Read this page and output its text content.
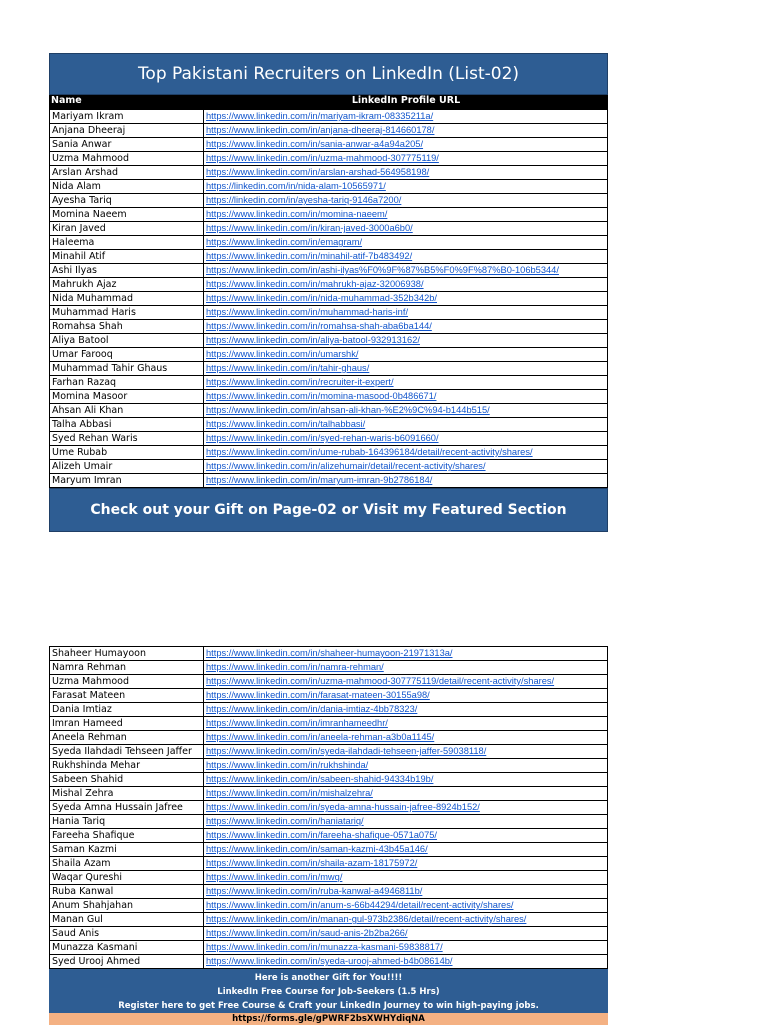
Top Pakistani Recruiters on LinkedIn (List-02)
Name	LinkedIn Profile URL
Mariyam Ikram	https://www.linkedin.com/in/mariyam-ikram-08335211a/
Anjana Dheeraj	https://www.linkedin.com/in/anjana-dheeraj-814660178/
Sania Anwar	https://www.linkedin.com/in/sania-anwar-a4a94a205/
Uzma Mahmood	https://www.linkedin.com/in/uzma-mahmood-307775119/
Arslan Arshad	https://www.linkedin.com/in/arslan-arshad-564958198/
Nida Alam	https://linkedin.com/in/nida-alam-10565971/
Ayesha Tariq	https://linkedin.com/in/ayesha-tariq-9146a7200/
Momina Naeem	https://www.linkedin.com/in/momina-naeem/
Kiran Javed	https://www.linkedin.com/in/kiran-javed-3000a6b0/
Haleema	https://www.linkedin.com/in/emagram/
Minahil Atif	https://www.linkedin.com/in/minahil-atif-7b483492/
Ashi Ilyas	https://www.linkedin.com/in/ashi-ilyas%F0%9F%87%B5%F0%9F%87%B0-106b5344/
Mahrukh Ajaz	https://www.linkedin.com/in/mahrukh-ajaz-32006938/
Nida Muhammad	https://www.linkedin.com/in/nida-muhammad-352b342b/
Muhammad Haris	https://www.linkedin.com/in/muhammad-haris-inf/
Romahsa Shah	https://www.linkedin.com/in/romahsa-shah-aba6ba144/
Aliya Batool	https://www.linkedin.com/in/aliya-batool-932913162/
Umar Farooq	https://www.linkedin.com/in/umarshk/
Muhammad Tahir Ghaus	https://www.linkedin.com/in/tahir-ghaus/
Farhan Razaq	https://www.linkedin.com/in/recruiter-it-expert/
Momina Masoor	https://www.linkedin.com/in/momina-masood-0b486671/
Ahsan Ali Khan	https://www.linkedin.com/in/ahsan-ali-khan-%E2%9C%94-b144b515/
Talha Abbasi	https://www.linkedin.com/in/talhabbasi/
Syed Rehan Waris	https://www.linkedin.com/in/syed-rehan-waris-b6091660/
Ume Rubab	https://www.linkedin.com/in/ume-rubab-164396184/detail/recent-activity/shares/
Alizeh Umair	https://www.linkedin.com/in/alizehumair/detail/recent-activity/shares/
Maryum Imran	https://www.linkedin.com/in/maryum-imran-9b2786184/
Check out your Gift on Page-02 or Visit my Featured Section
Shaheer Humayoon	https://www.linkedin.com/in/shaheer-humayoon-21971313a/
Namra Rehman	https://www.linkedin.com/in/namra-rehman/
Uzma Mahmood	https://www.linkedin.com/in/uzma-mahmood-307775119/detail/recent-activity/shares/
Farasat Mateen	https://www.linkedin.com/in/farasat-mateen-30155a98/
Dania Imtiaz	https://www.linkedin.com/in/dania-imtiaz-4bb78323/
Imran Hameed	https://www.linkedin.com/in/imranhameedhr/
Aneela Rehman	https://www.linkedin.com/in/aneela-rehman-a3b0a1145/
Syeda Ilahdadi Tehseen Jaffer	https://www.linkedin.com/in/syeda-ilahdadi-tehseen-jaffer-59038118/
Rukhshinda Mehar	https://www.linkedin.com/in/rukhshinda/
Sabeen Shahid	https://www.linkedin.com/in/sabeen-shahid-94334b19b/
Mishal Zehra	https://www.linkedin.com/in/mishalzehra/
Syeda Amna Hussain Jafree	https://www.linkedin.com/in/syeda-amna-hussain-jafree-8924b152/
Hania Tariq	https://www.linkedin.com/in/haniatariq/
Fareeha Shafique	https://www.linkedin.com/in/fareeha-shafique-0571a075/
Saman Kazmi	https://www.linkedin.com/in/saman-kazmi-43b45a146/
Shaila Azam	https://www.linkedin.com/in/shaila-azam-18175972/
Waqar Qureshi	https://www.linkedin.com/in/mwq/
Ruba Kanwal	https://www.linkedin.com/in/ruba-kanwal-a4946811b/
Anum Shahjahan	https://www.linkedin.com/in/anum-s-66b44294/detail/recent-activity/shares/
Manan Gul	https://www.linkedin.com/in/manan-gul-973b2386/detail/recent-activity/shares/
Saud Anis	https://www.linkedin.com/in/saud-anis-2b2ba266/
Munazza Kasmani	https://www.linkedin.com/in/munazza-kasmani-59838817/
Syed Urooj Ahmed	https://www.linkedin.com/in/syeda-urooj-ahmed-b4b08614b/
Here is another Gift for You!!!!
LinkedIn Free Course for Job-Seekers (1.5 Hrs)
Register here to get Free Course & Craft your LinkedIn Journey to win high-paying jobs.
https://forms.gle/gPWRF2bsXWHYdiqNA
